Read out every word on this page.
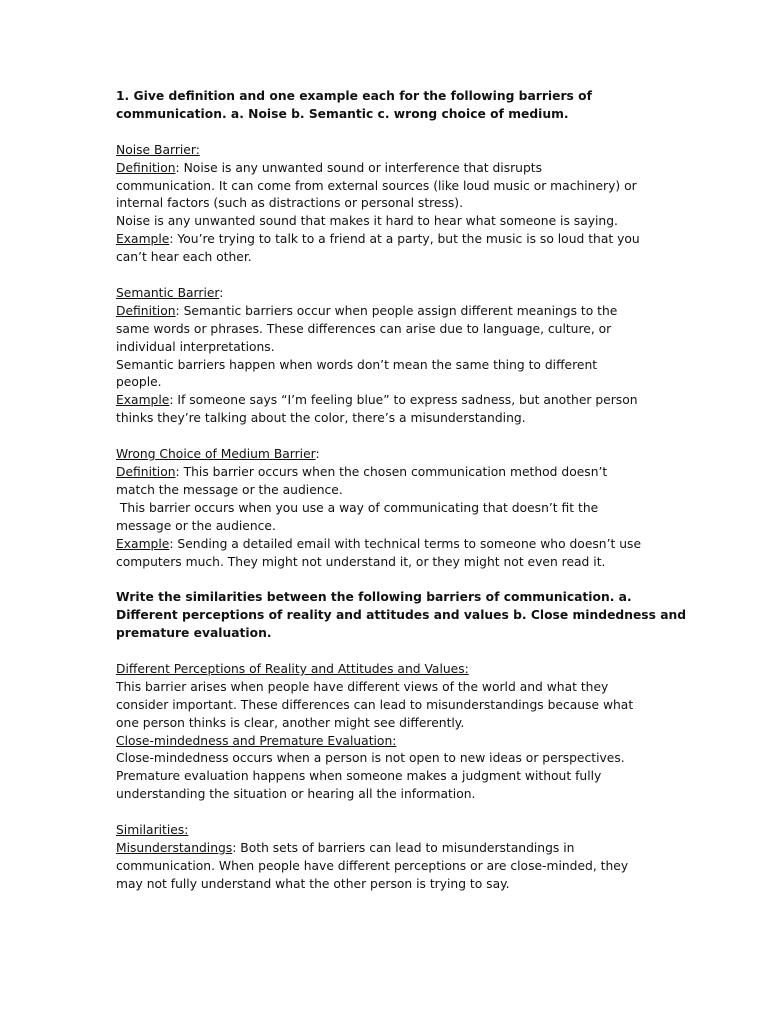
1. Give definition and one example each for the following barriers of

communication. a. Noise b. Semantic c. wrong choice of medium.

Noise Barrier:

Definition: Noise is any unwanted sound or interference that disrupts

communication. It can come from external sources (like loud music or machinery) or

internal factors (such as distractions or personal stress).

Noise is any unwanted sound that makes it hard to hear what someone is saying.

Example: You’re trying to talk to a friend at a party, but the music is so loud that you

can’t hear each other.

Semantic Barrier:

Definition: Semantic barriers occur when people assign different meanings to the

same words or phrases. These differences can arise due to language, culture, or

individual interpretations.

Semantic barriers happen when words don’t mean the same thing to different

people.

Example: If someone says “I’m feeling blue” to express sadness, but another person

thinks they’re talking about the color, there’s a misunderstanding.

Wrong Choice of Medium Barrier:

Definition: This barrier occurs when the chosen communication method doesn’t

match the message or the audience.

This barrier occurs when you use a way of communicating that doesn’t fit the

message or the audience.

Example: Sending a detailed email with technical terms to someone who doesn’t use

computers much. They might not understand it, or they might not even read it.

Write the similarities between the following barriers of communication. a.

Different perceptions of reality and attitudes and values b. Close mindedness and

premature evaluation.

Different Perceptions of Reality and Attitudes and Values:

This barrier arises when people have different views of the world and what they

consider important. These differences can lead to misunderstandings because what

one person thinks is clear, another might see differently.

Close-mindedness and Premature Evaluation:

Close-mindedness occurs when a person is not open to new ideas or perspectives.

Premature evaluation happens when someone makes a judgment without fully

understanding the situation or hearing all the information.

Similarities:

Misunderstandings: Both sets of barriers can lead to misunderstandings in

communication. When people have different perceptions or are close-minded, they

may not fully understand what the other person is trying to say.
